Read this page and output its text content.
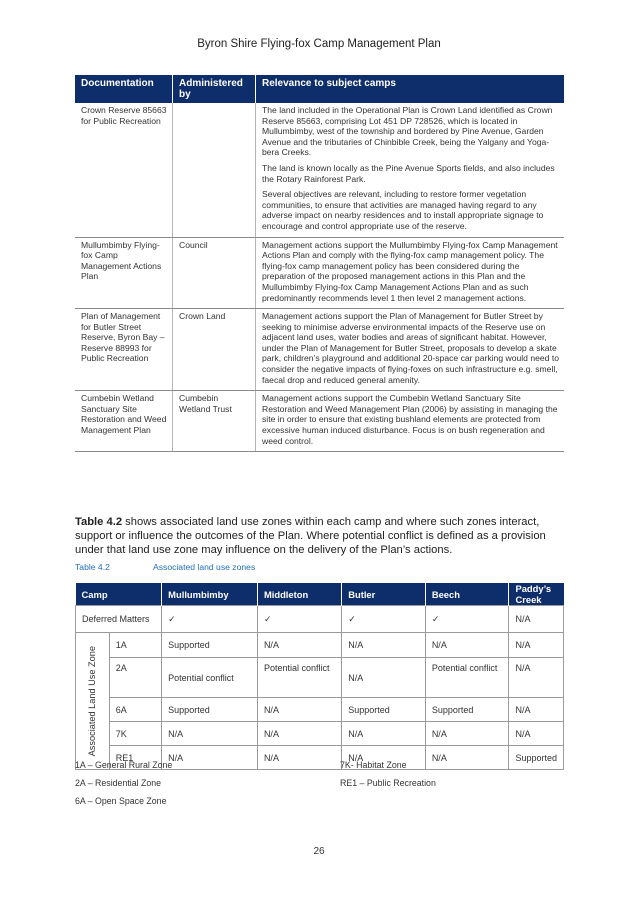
Byron Shire Flying-fox Camp Management Plan
Documentation	Administered by	Relevance to subject camps
Crown Reserve 85663 for Public Recreation		The land included in the Operational Plan is Crown Land identified as Crown Reserve 85663, comprising Lot 451 DP 728526, which is located in Mullumbimby, west of the township and bordered by Pine Avenue, Garden Avenue and the tributaries of Chinbible Creek, being the Yalgany and Yoga-bera Creeks.

The land is known locally as the Pine Avenue Sports fields, and also includes the Rotary Rainforest Park.

Several objectives are relevant, including to restore former vegetation communities, to ensure that activities are managed having regard to any adverse impact on nearby residences and to install appropriate signage to encourage and control appropriate use of the reserve.

Mullumbimby Flying-fox Camp Management Actions Plan	Council	Management actions support the Mullumbimby Flying-fox Camp Management Actions Plan and comply with the flying-fox camp management policy. The flying-fox camp management policy has been considered during the preparation of the proposed management actions in this Plan and the Mullumbimby Flying-fox Camp Management Actions Plan and as such predominantly recommends level 1 then level 2 management actions.

Plan of Management for Butler Street Reserve, Byron Bay – Reserve 88993 for Public Recreation	Crown Land	Management actions support the Plan of Management for Butler Street by seeking to minimise adverse environmental impacts of the Reserve use on adjacent land uses, water bodies and areas of significant habitat. However, under the Plan of Management for Butler Street, proposals to develop a skate park, children’s playground and additional 20-space car parking would need to consider the negative impacts of flying-foxes on such infrastructure e.g. smell, faecal drop and reduced general amenity.

Cumbebin Wetland Sanctuary Site Restoration and Weed Management Plan	Cumbebin Wetland Trust	Management actions support the Cumbebin Wetland Sanctuary Site Restoration and Weed Management Plan (2006) by assisting in managing the site in order to ensure that existing bushland elements are protected from excessive human induced disturbance. Focus is on bush regeneration and weed control.

Table 4.2 shows associated land use zones within each camp and where such zones interact, support or influence the outcomes of the Plan. Where potential conflict is defined as a provision under that land use zone may influence on the delivery of the Plan’s actions.

Table 4.2	Associated land use zones
Camp		Mullumbimby	Middleton	Butler	Beech	Paddy’s Creek
Deferred Matters		✓	✓	✓	✓	N/A

Associated Land Use Zone	1A	Supported	N/A	N/A	N/A	N/A
	2A	Potential conflict	Potential conflict	N/A	Potential conflict	N/A
	6A	Supported	N/A	Supported	Supported	N/A
	7K	N/A	N/A	N/A	N/A	N/A
	RE1	N/A	N/A	N/A	N/A	Supported
1A – General Rural Zone
2A – Residential Zone
6A – Open Space Zone
7K- Habitat Zone
RE1 – Public Recreation
26
